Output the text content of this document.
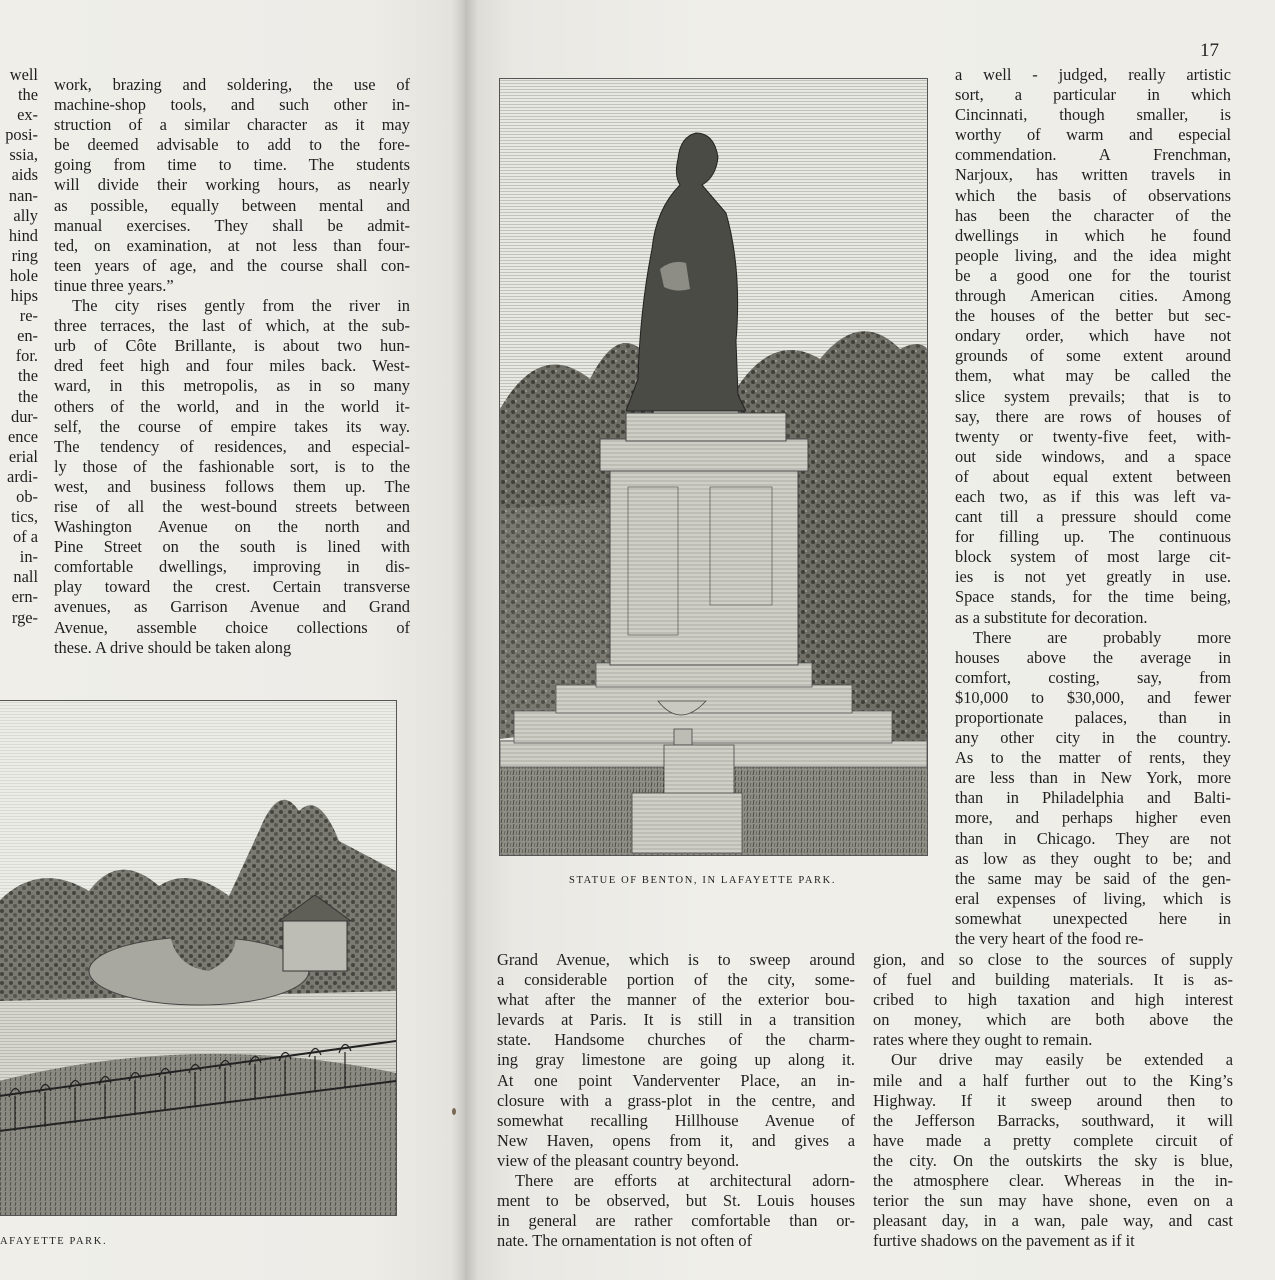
17
well
the
ex-
posi-
ssia,
aids
nan-
ally
hind
ring
hole
hips
re-
en-
for.
the
the
dur-
ence
erial
ardi-
ob-
tics,
of a
in-
nall
ern-
rge-
work, brazing and soldering, the use of
machine-shop tools, and such other in-
struction of a similar character as it may
be deemed advisable to add to the fore-
going from time to time. The students
will divide their working hours, as nearly
as possible, equally between mental and
manual exercises. They shall be admit-
ted, on examination, at not less than four-
teen years of age, and the course shall con-
tinue three years.”
The city rises gently from the river in
three terraces, the last of which, at the sub-
urb of Côte Brillante, is about two hun-
dred feet high and four miles back. West-
ward, in this metropolis, as in so many
others of the world, and in the world it-
self, the course of empire takes its way.
The tendency of residences, and especial-
ly those of the fashionable sort, is to the
west, and business follows them up. The
rise of all the west-bound streets between
Washington Avenue on the north and
Pine Street on the south is lined with
comfortable dwellings, improving in dis-
play toward the crest. Certain transverse
avenues, as Garrison Avenue and Grand
Avenue, assemble choice collections of
these. A drive should be taken along
a well - judged, really artistic
sort, a particular in which
Cincinnati, though smaller, is
worthy of warm and especial
commendation. A Frenchman,
Narjoux, has written travels in
which the basis of observations
has been the character of the
dwellings in which he found
people living, and the idea might
be a good one for the tourist
through American cities. Among
the houses of the better but sec-
ondary order, which have not
grounds of some extent around
them, what may be called the
slice system prevails; that is to
say, there are rows of houses of
twenty or twenty-five feet, with-
out side windows, and a space
of about equal extent between
each two, as if this was left va-
cant till a pressure should come
for filling up. The continuous
block system of most large cit-
ies is not yet greatly in use.
Space stands, for the time being,
as a substitute for decoration.
There are probably more
houses above the average in
comfort, costing, say, from
$10,000 to $30,000, and fewer
proportionate palaces, than in
any other city in the country.
As to the matter of rents, they
are less than in New York, more
than in Philadelphia and Balti-
more, and perhaps higher even
than in Chicago. They are not
as low as they ought to be; and
the same may be said of the gen-
eral expenses of living, which is
somewhat unexpected here in
the very heart of the food re-
Grand Avenue, which is to sweep around
a considerable portion of the city, some-
what after the manner of the exterior bou-
levards at Paris. It is still in a transition
state. Handsome churches of the charm-
ing gray limestone are going up along it.
At one point Vanderventer Place, an in-
closure with a grass-plot in the centre, and
somewhat recalling Hillhouse Avenue of
New Haven, opens from it, and gives a
view of the pleasant country beyond.
There are efforts at architectural adorn-
ment to be observed, but St. Louis houses
in general are rather comfortable than or-
nate. The ornamentation is not often of
gion, and so close to the sources of supply
of fuel and building materials. It is as-
cribed to high taxation and high interest
on money, which are both above the
rates where they ought to remain.
Our drive may easily be extended a
mile and a half further out to the King’s
Highway. If it sweep around then to
the Jefferson Barracks, southward, it will
have made a pretty complete circuit of
the city. On the outskirts the sky is blue,
the atmosphere clear. Whereas in the in-
terior the sun may have shone, even on a
pleasant day, in a wan, pale way, and cast
furtive shadows on the pavement as if it
STATUE OF BENTON, IN LAFAYETTE PARK.
AFAYETTE PARK.
